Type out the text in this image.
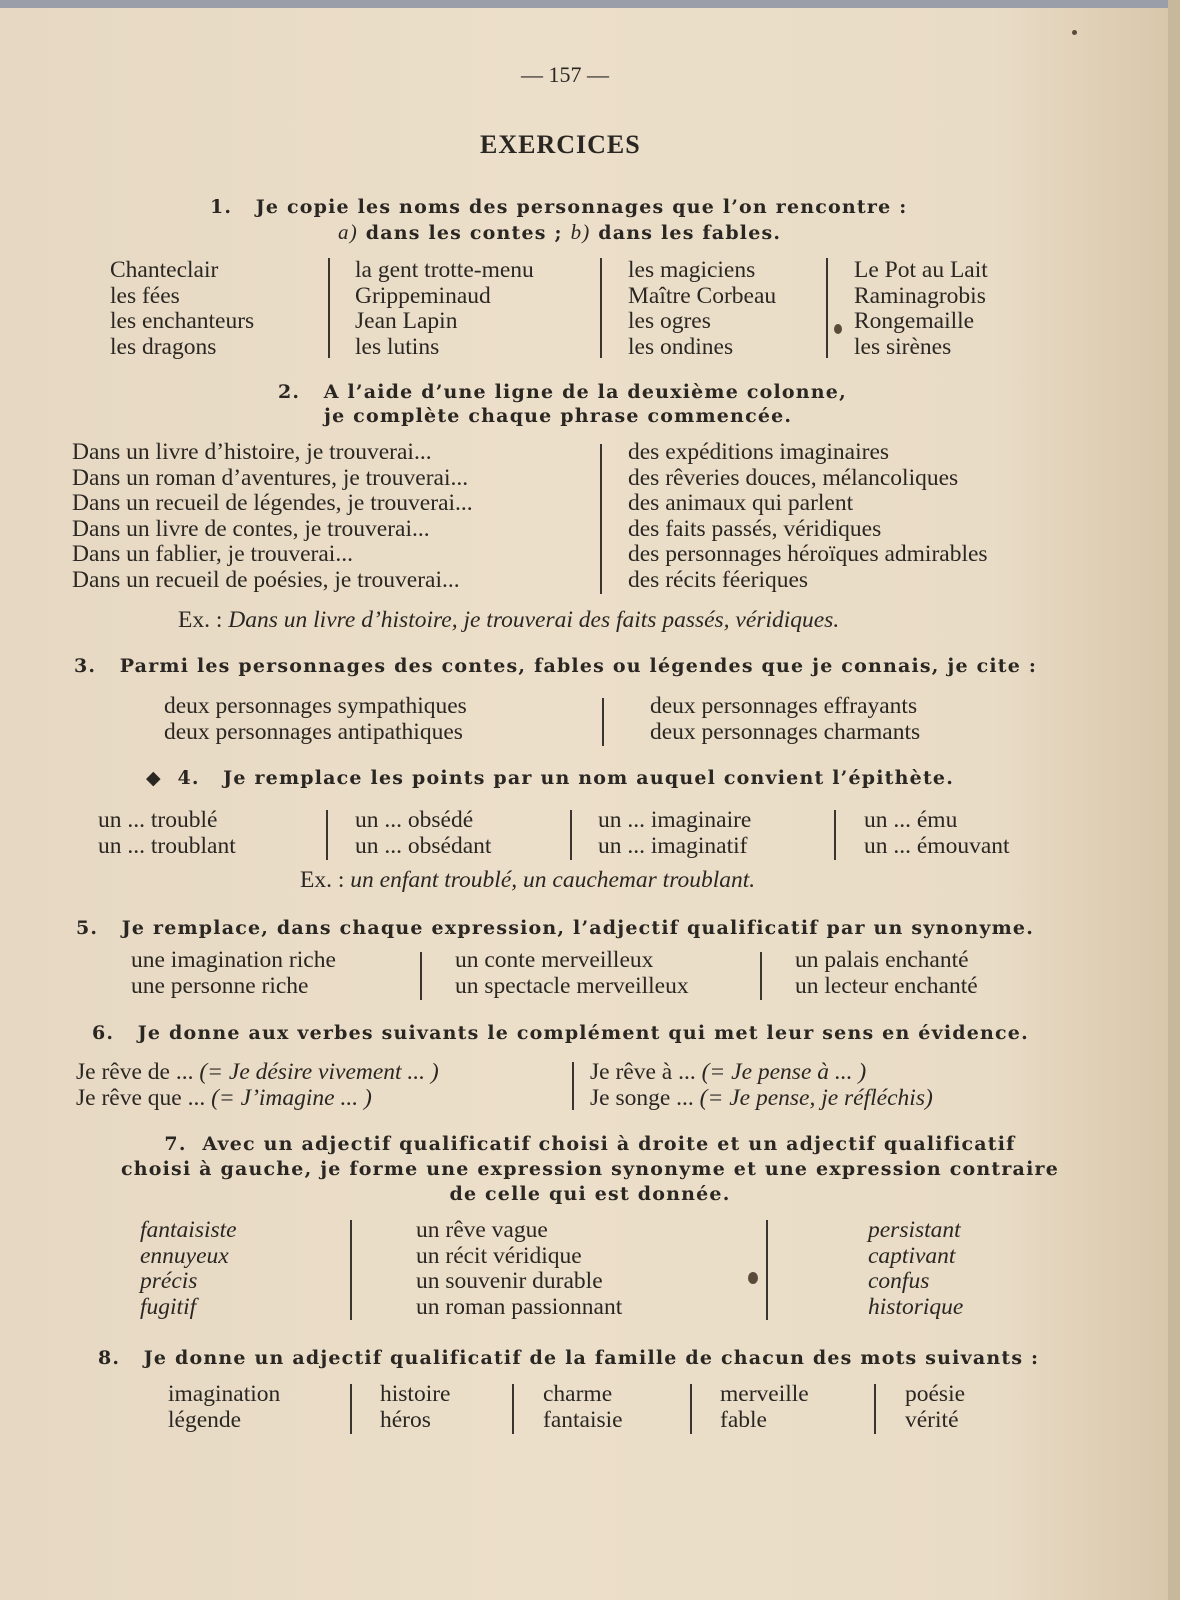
— 157 —
EXERCICES
1. Je copie les noms des personnages que l’on rencontre :
a) dans les contes ; b) dans les fables.
Chanteclair
les fées
les enchanteurs
les dragons
la gent trotte-menu
Grippeminaud
Jean Lapin
les lutins
les magiciens
Maître Corbeau
les ogres
les ondines
Le Pot au Lait
Raminagrobis
Rongemaille
les sirènes
2. A l’aide d’une ligne de la deuxième colonne,
je complète chaque phrase commencée.
Dans un livre d’histoire, je trouverai...
Dans un roman d’aventures, je trouverai...
Dans un recueil de légendes, je trouverai...
Dans un livre de contes, je trouverai...
Dans un fablier, je trouverai...
Dans un recueil de poésies, je trouverai...
des expéditions imaginaires
des rêveries douces, mélancoliques
des animaux qui parlent
des faits passés, véridiques
des personnages héroïques admirables
des récits féeriques
Ex. : Dans un livre d’histoire, je trouverai des faits passés, véridiques.
3. Parmi les personnages des contes, fables ou légendes que je connais, je cite :
deux personnages sympathiques
deux personnages antipathiques
deux personnages effrayants
deux personnages charmants
◆ 4. Je remplace les points par un nom auquel convient l’épithète.
un ... troublé
un ... troublant
un ... obsédé
un ... obsédant
un ... imaginaire
un ... imaginatif
un ... ému
un ... émouvant
Ex. : un enfant troublé, un cauchemar troublant.
5. Je remplace, dans chaque expression, l’adjectif qualificatif par un synonyme.
une imagination riche
une personne riche
un conte merveilleux
un spectacle merveilleux
un palais enchanté
un lecteur enchanté
6. Je donne aux verbes suivants le complément qui met leur sens en évidence.
Je rêve de ... (= Je désire vivement ... )
Je rêve que ... (= J’imagine ... )
Je rêve à ... (= Je pense à ... )
Je songe ... (= Je pense, je réfléchis)
7. Avec un adjectif qualificatif choisi à droite et un adjectif qualificatif
choisi à gauche, je forme une expression synonyme et une expression contraire
de celle qui est donnée.
fantaisiste
ennuyeux
précis
fugitif
un rêve vague
un récit véridique
un souvenir durable
un roman passionnant
persistant
captivant
confus
historique
8. Je donne un adjectif qualificatif de la famille de chacun des mots suivants :
imagination
légende
histoire
héros
charme
fantaisie
merveille
fable
poésie
vérité
